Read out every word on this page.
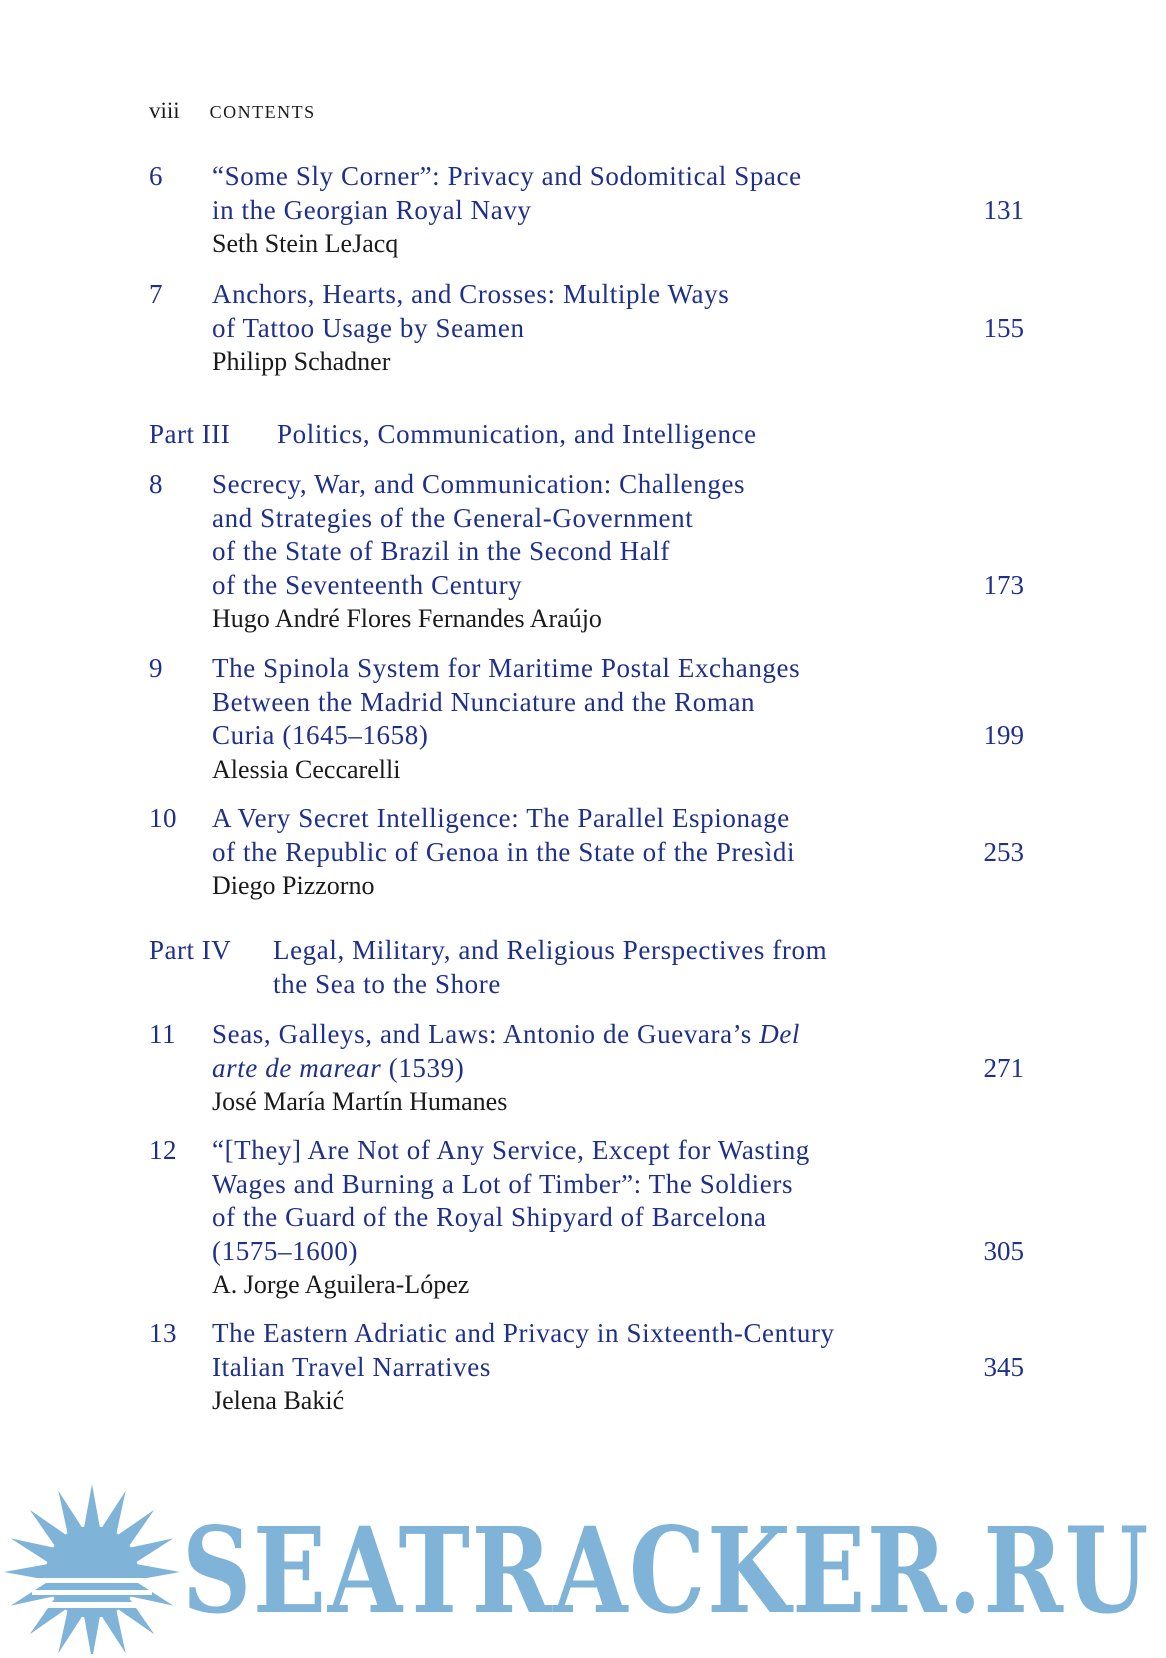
viii CONTENTS
6 “Some Sly Corner”: Privacy and Sodomitical Space
in the Georgian Royal Navy
Seth Stein LeJacq
131
7 Anchors, Hearts, and Crosses: Multiple Ways
of Tattoo Usage by Seamen
Philipp Schadner
155
Part III Politics, Communication, and Intelligence
8 Secrecy, War, and Communication: Challenges
and Strategies of the General-Government
of the State of Brazil in the Second Half
of the Seventeenth Century
Hugo André Flores Fernandes Araújo
173
9 The Spinola System for Maritime Postal Exchanges
Between the Madrid Nunciature and the Roman
Curia (1645–1658)
Alessia Ceccarelli
199
10 A Very Secret Intelligence: The Parallel Espionage
of the Republic of Genoa in the State of the Presìdi
Diego Pizzorno
253
Part IV Legal, Military, and Religious Perspectives from
the Sea to the Shore
11 Seas, Galleys, and Laws: Antonio de Guevara’s Del
arte de marear (1539)
José María Martín Humanes
271
12 “[They] Are Not of Any Service, Except for Wasting
Wages and Burning a Lot of Timber”: The Soldiers
of the Guard of the Royal Shipyard of Barcelona
(1575–1600)
A. Jorge Aguilera-López
305
13 The Eastern Adriatic and Privacy in Sixteenth-Century
Italian Travel Narratives
Jelena Bakić
345
SEATRACKER.RU
